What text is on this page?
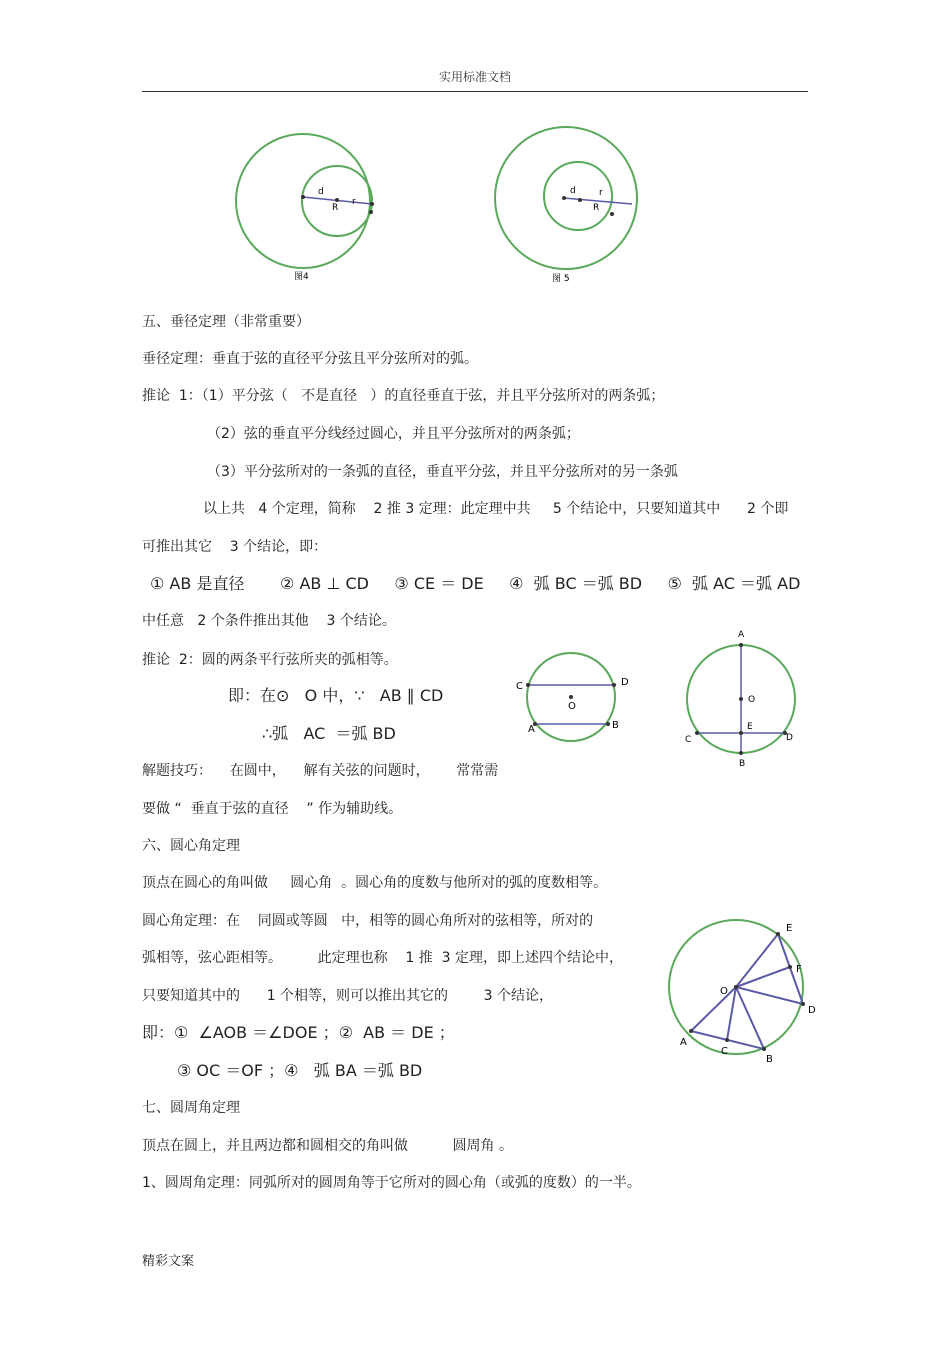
实用标准文档
d
R
r
图4
d	r
R
图 5
五、垂径定理（非常重要）
垂径定理：垂直于弦的直径平分弦且平分弦所对的弧。
推论  1：（1）平分弦（   不是直径   ）的直径垂直于弦，并且平分弦所对的两条弧；
（2）弦的垂直平分线经过圆心，并且平分弦所对的两条弧；
（3）平分弦所对的一条弧的直径，垂直平分弦，并且平分弦所对的另一条弧
以上共   4 个定理，简称    2 推 3 定理：此定理中共     5 个结论中，只要知道其中      2 个即
可推出其它    3 个结论，即：
① AB 是直径       ② AB ⊥ CD     ③ CE ＝ DE     ④  弧 BC ＝弧 BD     ⑤  弧 AC ＝弧 AD
中任意   2 个条件推出其他    3 个结论。
推论  2：圆的两条平行弦所夹的弧相等。
即：在⊙   O 中，∵   AB ∥ CD
∴弧   AC  ＝弧 BD
解题技巧：    在圆中，    解有关弦的问题时，      常常需
要做 “  垂直于弦的直径    ” 作为辅助线。
C	D
O
A	B
A
O
E
C	D
B
六、圆心角定理
顶点在圆心的角叫做     圆心角  。圆心角的度数与他所对的弧的度数相等。
圆心角定理：在    同圆或等圆   中，相等的圆心角所对的弦相等，所对的
弧相等，弦心距相等。        此定理也称    1 推  3 定理，即上述四个结论中，
只要知道其中的      1 个相等，则可以推出其它的        3 个结论，
即：①  ∠AOB ＝∠DOE ；②  AB ＝ DE ；
③ OC ＝OF ；④   弧 BA ＝弧 BD
E
F
O
D
A
C
B
七、圆周角定理
顶点在圆上，并且两边都和圆相交的角叫做          圆周角 。
1、圆周角定理：同弧所对的圆周角等于它所对的圆心角（或弧的度数）的一半。
精彩文案
